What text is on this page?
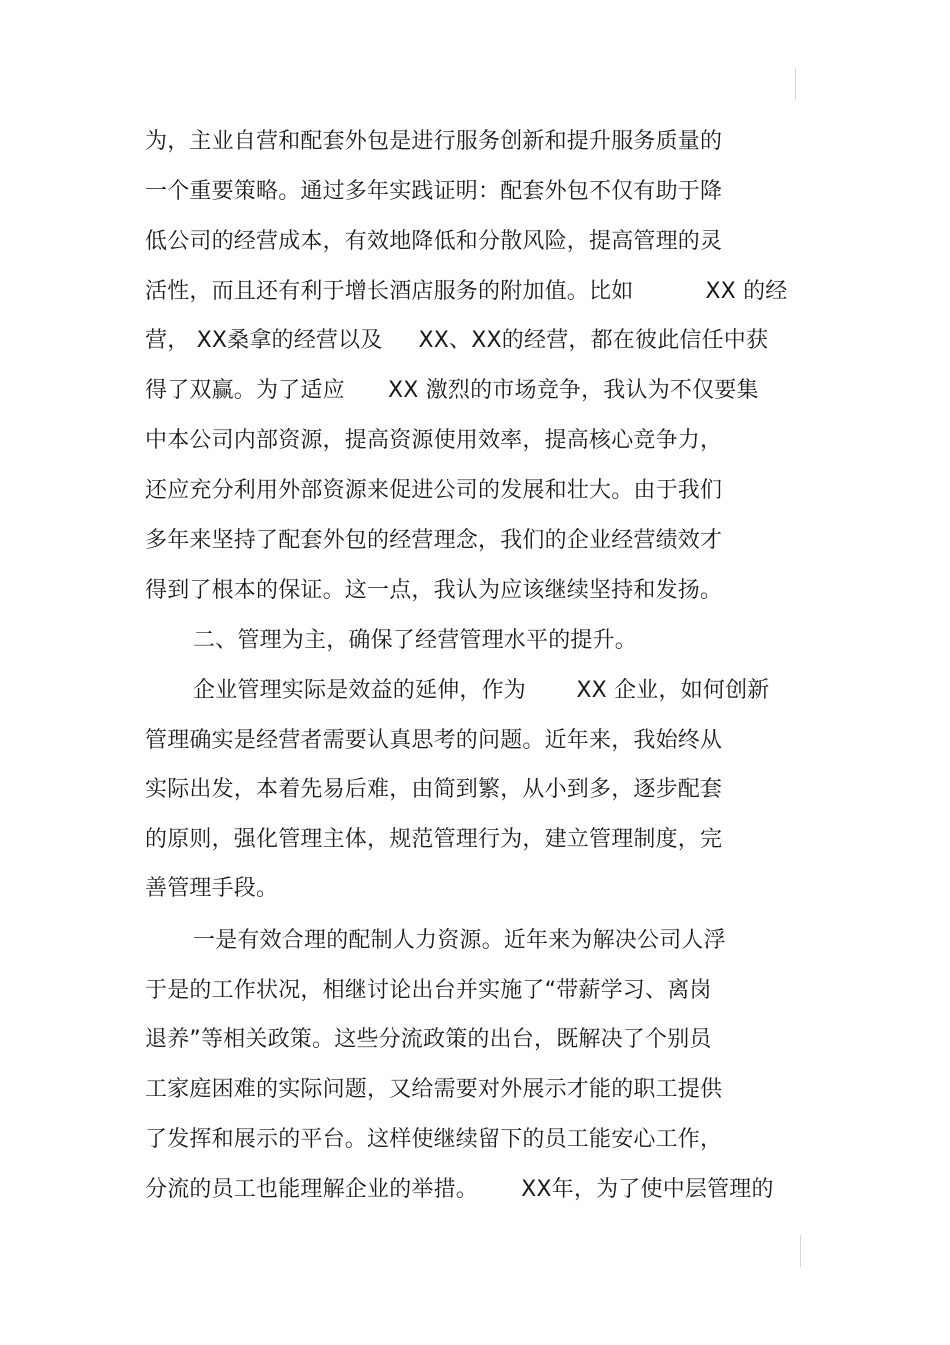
为，主业自营和配套外包是进行服务创新和提升服务质量的
一个重要策略。通过多年实践证明：配套外包不仅有助于降
低公司的经营成本，有效地降低和分散风险，提高管理的灵
活性，而且还有利于增长酒店服务的附加值。比如          XX 的经
营， XX桑拿的经营以及     XX、XX的经营，都在彼此信任中获
得了双赢。为了适应      XX 激烈的市场竞争，我认为不仅要集
中本公司内部资源，提高资源使用效率，提高核心竞争力，
还应充分利用外部资源来促进公司的发展和壮大。由于我们
多年来坚持了配套外包的经营理念，我们的企业经营绩效才
得到了根本的保证。这一点，我认为应该继续坚持和发扬。
二、管理为主，确保了经营管理水平的提升。
企业管理实际是效益的延伸，作为       XX 企业，如何创新
管理确实是经营者需要认真思考的问题。近年来，我始终从
实际出发，本着先易后难，由简到繁，从小到多，逐步配套
的原则，强化管理主体，规范管理行为，建立管理制度，完
善管理手段。
一是有效合理的配制人力资源。近年来为解决公司人浮
于是的工作状况，相继讨论出台并实施了“带薪学习、离岗
退养”等相关政策。这些分流政策的出台，既解决了个别员
工家庭困难的实际问题，又给需要对外展示才能的职工提供
了发挥和展示的平台。这样使继续留下的员工能安心工作，
分流的员工也能理解企业的举措。      XX年，为了使中层管理的
